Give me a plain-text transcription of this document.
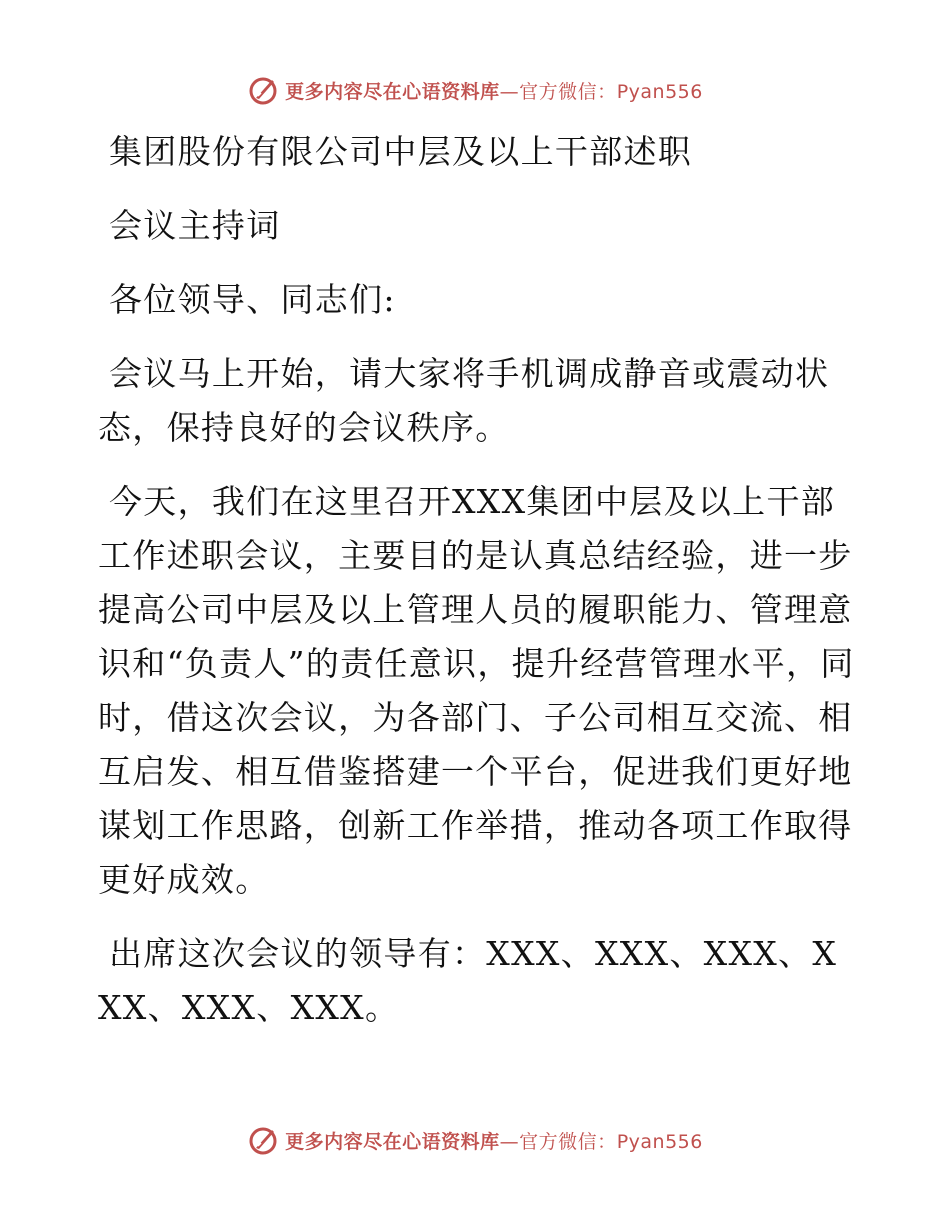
更多内容尽在心语资料库—官方微信：Pyan556

集团股份有限公司中层及以上干部述职

会议主持词

各位领导、同志们:

会议马上开始，请大家将手机调成静音或震动状态，保持良好的会议秩序。

今天，我们在这里召开XXX集团中层及以上干部工作述职会议，主要目的是认真总结经验，进一步提高公司中层及以上管理人员的履职能力、管理意识和“负责人”的责任意识，提升经营管理水平，同时，借这次会议，为各部门、子公司相互交流、相互启发、相互借鉴搭建一个平台，促进我们更好地谋划工作思路，创新工作举措，推动各项工作取得更好成效。

出席这次会议的领导有：XXX、XXX、XXX、XXX、XXX、XXX。

更多内容尽在心语资料库—官方微信：Pyan556
